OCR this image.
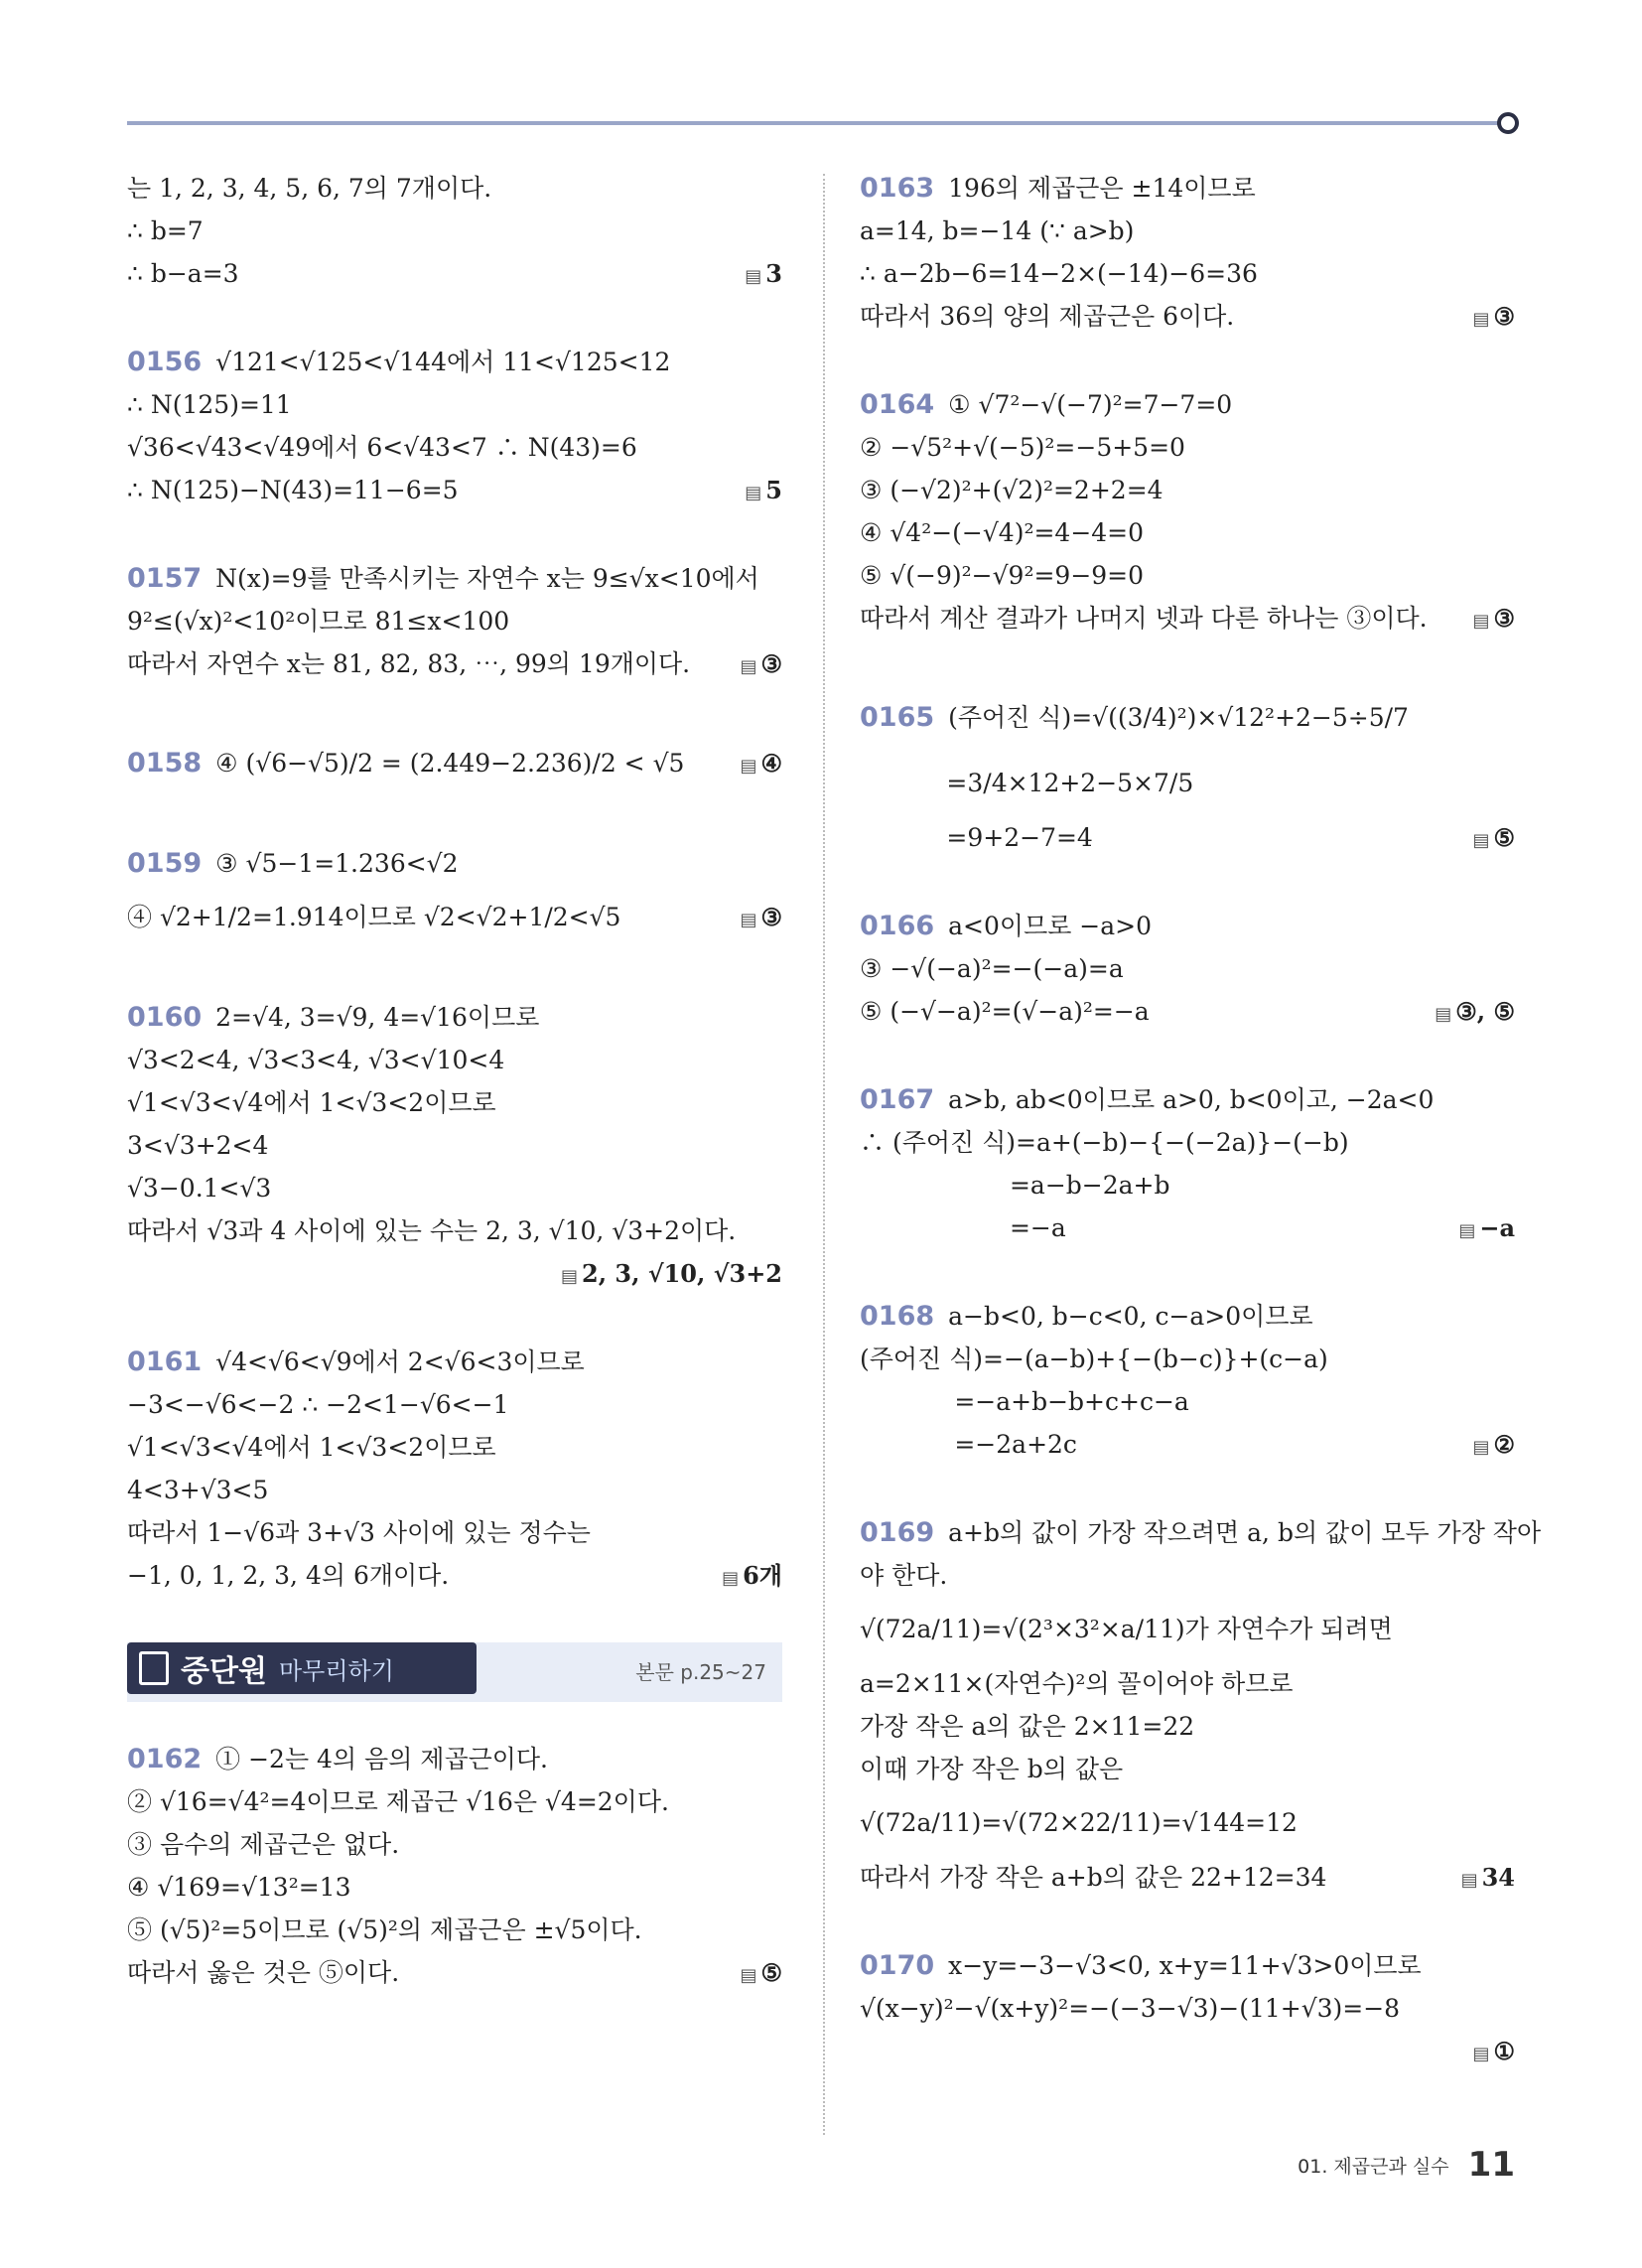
는 1, 2, 3, 4, 5, 6, 7의 7개이다.
∴ b=7
∴ b−a=3	▤ 3
0156 √121<√125<√144에서 11<√125<12
∴ N(125)=11
√36<√43<√49에서 6<√43<7 ∴ N(43)=6
∴ N(125)−N(43)=11−6=5	▤ 5
0157 N(x)=9를 만족시키는 자연수 x는 9≤√x<10에서
9²≤(√x)²<10²이므로 81≤x<100
따라서 자연수 x는 81, 82, 83, ⋯, 99의 19개이다.	▤ ③
0158 ④ (√6−√5)/2 = (2.449−2.236)/2 < √5	▤ ④
0159 ③ √5−1=1.236<√2
④ √2+1/2=1.914이므로 √2<√2+1/2<√5	▤ ③
0160 2=√4, 3=√9, 4=√16이므로
√3<2<4, √3<3<4, √3<√10<4
√1<√3<√4에서 1<√3<2이므로
3<√3+2<4
√3−0.1<√3
따라서 √3과 4 사이에 있는 수는 2, 3, √10, √3+2이다.
▤ 2, 3, √10, √3+2
0161 √4<√6<√9에서 2<√6<3이므로
−3<−√6<−2 ∴ −2<1−√6<−1
√1<√3<√4에서 1<√3<2이므로
4<3+√3<5
따라서 1−√6과 3+√3 사이에 있는 정수는
−1, 0, 1, 2, 3, 4의 6개이다.	▤ 6개
중단원 마무리하기	본문 p.25~27
0162 ① −2는 4의 음의 제곱근이다.
② √16=√4²=4이므로 제곱근 √16은 √4=2이다.
③ 음수의 제곱근은 없다.
④ √169=√13²=13
⑤ (√5)²=5이므로 (√5)²의 제곱근은 ±√5이다.
따라서 옳은 것은 ⑤이다.	▤ ⑤
0163 196의 제곱근은 ±14이므로
a=14, b=−14 (∵ a>b)
∴ a−2b−6=14−2×(−14)−6=36
따라서 36의 양의 제곱근은 6이다.	▤ ③
0164 ① √7²−√(−7)²=7−7=0
② −√5²+√(−5)²=−5+5=0
③ (−√2)²+(√2)²=2+2=4
④ √4²−(−√4)²=4−4=0
⑤ √(−9)²−√9²=9−9=0
따라서 계산 결과가 나머지 넷과 다른 하나는 ③이다.	▤ ③
0165 (주어진 식)=√((3/4)²)×√12²+2−5÷5/7
=3/4×12+2−5×7/5
=9+2−7=4	▤ ⑤
0166 a<0이므로 −a>0
③ −√(−a)²=−(−a)=a
⑤ (−√−a)²=(√−a)²=−a	▤ ③, ⑤
0167 a>b, ab<0이므로 a>0, b<0이고, −2a<0
∴ (주어진 식)=a+(−b)−{−(−2a)}−(−b)
=a−b−2a+b
=−a	▤ −a
0168 a−b<0, b−c<0, c−a>0이므로
(주어진 식)=−(a−b)+{−(b−c)}+(c−a)
=−a+b−b+c+c−a
=−2a+2c	▤ ②
0169 a+b의 값이 가장 작으려면 a, b의 값이 모두 가장 작아
야 한다.
√(72a/11)=√(2³×3²×a/11)가 자연수가 되려면
a=2×11×(자연수)²의 꼴이어야 하므로
가장 작은 a의 값은 2×11=22
이때 가장 작은 b의 값은
√(72a/11)=√(72×22/11)=√144=12
따라서 가장 작은 a+b의 값은 22+12=34	▤ 34
0170 x−y=−3−√3<0, x+y=11+√3>0이므로
√(x−y)²−√(x+y)²=−(−3−√3)−(11+√3)=−8
▤ ①
01. 제곱근과 실수 11
